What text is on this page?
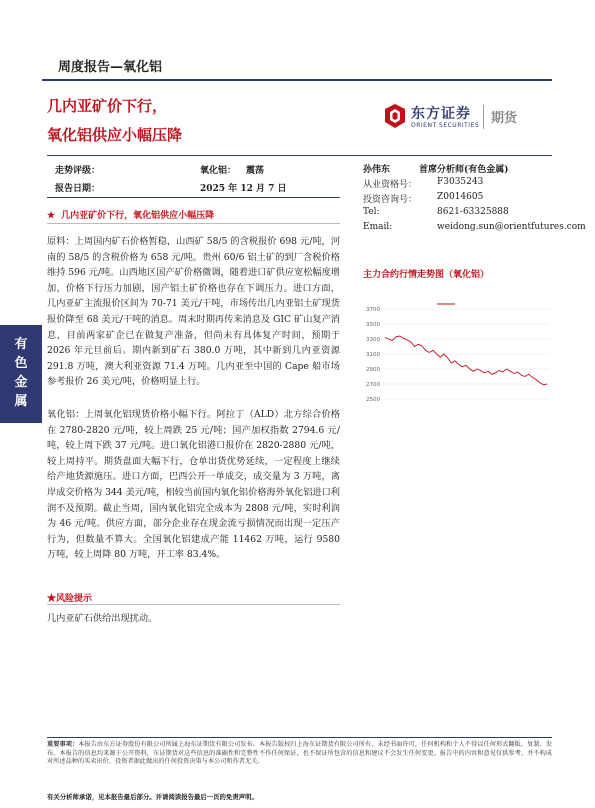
周度报告—氧化铝
有色金属
几内亚矿价下行，
氧化铝供应小幅压降
东方证券
ORIENT SECURITIES 期货
走势评级：	氧化铝： 震荡
报告日期：	2025 年 12 月 7 日
★ 几内亚矿价下行，氧化铝供应小幅压降

原料：上周国内矿石价格暂稳，山西矿 58/5 的含税报价 698 元/吨，河南的 58/5 的含税价格为 658 元/吨。贵州 60/6 铝土矿的到厂含税价格维持 596 元/吨。山西地区国产矿价格微调，随着进口矿供应宽松幅度增加，价格下行压力加剧，国产铝土矿价格也存在下调压力。进口方面，几内亚矿主流报价区间为 70-71 美元/干吨，市场传出几内亚铝土矿现货报价降至 68 美元/干吨的消息。周末时期再传来消息及 GIC 矿山复产消息，目前两家矿企已在做复产准备，但尚未有具体复产时间，预期于 2026 年元旦前后。期内新到矿石 380.0 万吨，其中新到几内亚资源 291.8 万吨，澳大利亚资源 71.4 万吨。几内亚至中国的 Cape 船市场参考报价 26 美元/吨，价格明显上行。

氧化铝：上周氧化铝现货价格小幅下行。阿拉丁（ALD）北方综合价格在 2780-2820 元/吨，较上周跌 25 元/吨；国产加权指数 2794.6 元/吨，较上周下跌 37 元/吨。进口氧化铝港口报价在 2820-2880 元/吨，较上周持平。期货盘面大幅下行，仓单出货优势延续，一定程度上继续给产地货源施压。进口方面，巴西公开一单成交，成交量为 3 万吨，离岸成交价格为 344 美元/吨，相较当前国内氧化铝价格海外氧化铝进口利润不及预期。截止当周，国内氧化铝完全成本为 2808 元/吨，实时利润为 46 元/吨。供应方面，部分企业存在现金流亏损情况而出现一定压产行为，但数量不算大。全国氧化铝建成产能 11462 万吨，运行 9580 万吨，较上周降 80 万吨，开工率 83.4%。

★风险提示
几内亚矿石供给出现扰动。
孙伟东	首席分析师(有色金属)
从业资格号： F3035243
投资咨询号： Z0014605
Tel:	8621-63325888
Email:	weidong.sun@orientfutures.com
主力合约行情走势图（氧化铝）
3700
3500
3300
3100
2900
2700
2500

重要事项：本报告由东方证券股份有限公司所属上海东证期货有限公司发布。本报告版权归上海东证期货有限公司所有，未经书面许可，任何机构和个人不得以任何形式翻版、复制、发布。本报告的信息均来源于公开资料，东证期货对这些信息的准确性和完整性不作任何保证，也不保证所包含的信息和建议不会发生任何变更。报告中的内容和意见仅供参考，并不构成对所述品种的买卖出价，投资者据此做出的任何投资决策与本公司和作者无关。

有关分析师承诺，见本报告最后部分。并请阅读报告最后一页的免责声明。
